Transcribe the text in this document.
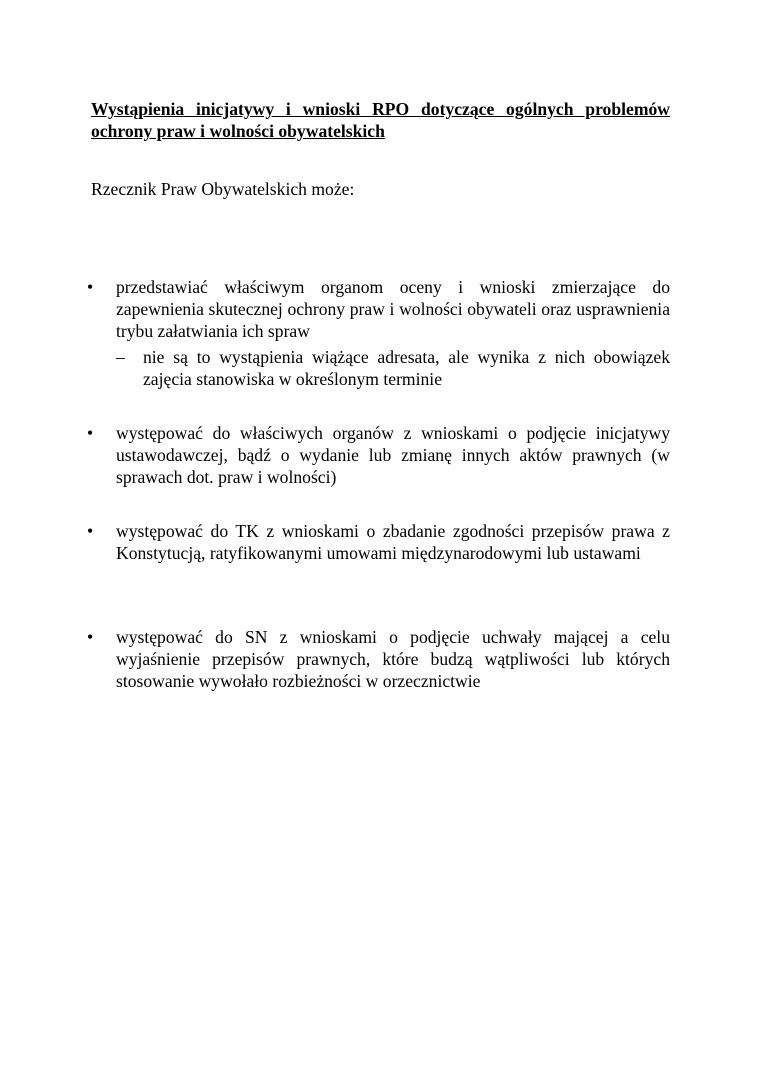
Wystąpienia inicjatywy i wnioski RPO dotyczące ogólnych problemów ochrony praw i wolności obywatelskich

Rzecznik Praw Obywatelskich może:

•	przedstawiać właściwym organom oceny i wnioski zmierzające do zapewnienia skutecznej ochrony praw i wolności obywateli oraz usprawnienia trybu załatwiania ich spraw
– nie są to wystąpienia wiążące adresata, ale wynika z nich obowiązek zajęcia stanowiska w określonym terminie
•	występować do właściwych organów z wnioskami o podjęcie inicjatywy ustawodawczej, bądź o wydanie lub zmianę innych aktów prawnych (w sprawach dot. praw i wolności)
•	występować do TK z wnioskami o zbadanie zgodności przepisów prawa z Konstytucją, ratyfikowanymi umowami międzynarodowymi lub ustawami
•	występować do SN z wnioskami o podjęcie uchwały mającej a celu wyjaśnienie przepisów prawnych, które budzą wątpliwości lub których stosowanie wywołało rozbieżności w orzecznictwie
